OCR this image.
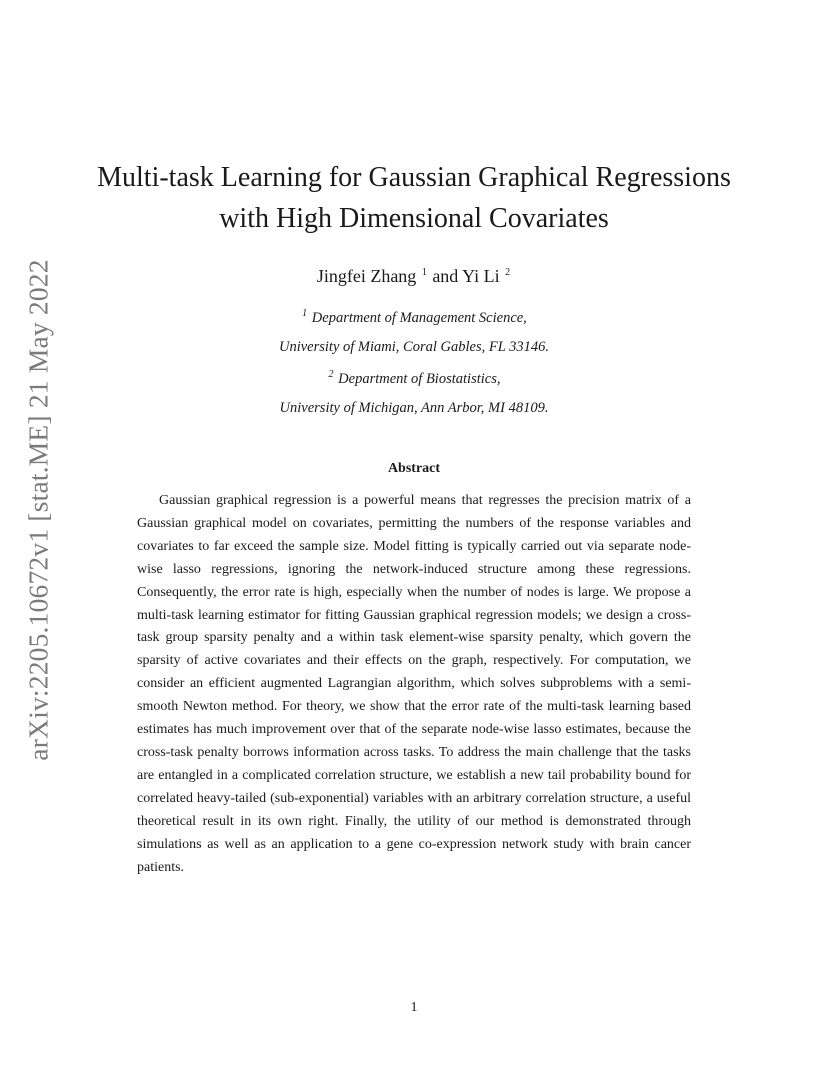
arXiv:2205.10672v1 [stat.ME] 21 May 2022
Multi-task Learning for Gaussian Graphical Regressions
with High Dimensional Covariates
Jingfei Zhang $^1$ and Yi Li $^2$
$^1$ Department of Management Science,
University of Miami, Coral Gables, FL 33146.
$^2$ Department of Biostatistics,
University of Michigan, Ann Arbor, MI 48109.
Abstract

Gaussian graphical regression is a powerful means that regresses the precision matrix of a Gaussian graphical model on covariates, permitting the numbers of the response variables and covariates to far exceed the sample size. Model fitting is typically carried out via separate node-wise lasso regressions, ignoring the network-induced structure among these regressions. Consequently, the error rate is high, especially when the number of nodes is large. We propose a multi-task learning estimator for fitting Gaussian graphical regression models; we design a cross-task group sparsity penalty and a within task element-wise sparsity penalty, which govern the sparsity of active covariates and their effects on the graph, respectively. For computation, we consider an efficient augmented Lagrangian algorithm, which solves subproblems with a semi-smooth Newton method. For theory, we show that the error rate of the multi-task learning based estimates has much improvement over that of the separate node-wise lasso estimates, because the cross-task penalty borrows information across tasks. To address the main challenge that the tasks are entangled in a complicated correlation structure, we establish a new tail probability bound for correlated heavy-tailed (sub-exponential) variables with an arbitrary correlation structure, a useful theoretical result in its own right. Finally, the utility of our method is demonstrated through simulations as well as an application to a gene co-expression network study with brain cancer patients.

1
